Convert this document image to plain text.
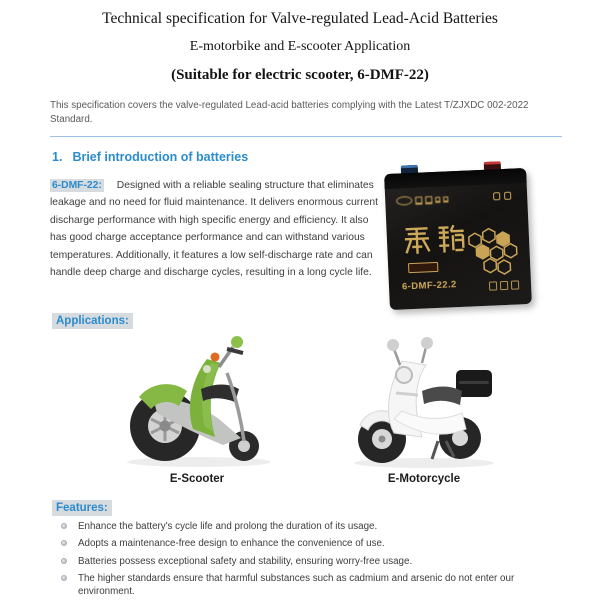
Technical specification for Valve-regulated Lead-Acid Batteries
E-motorbike and E-scooter Application
(Suitable for electric scooter, 6-DMF-22)
This specification covers the valve-regulated Lead-acid batteries complying with the Latest T/ZJXDC 002-2022 Standard.
1. Brief introduction of batteries
6-DMF-22: Designed with a reliable sealing structure that eliminates leakage and no need for fluid maintenance. It delivers enormous current discharge performance with high specific energy and efficiency. It also has good charge acceptance performance and can withstand various temperatures. Additionally, it features a low self-discharge rate and can handle deep charge and discharge cycles, resulting in a long cycle life.
6-DMF-22.2
Applications:
E-Scooter	E-Motorcycle
Features:
Enhance the battery's cycle life and prolong the duration of its usage.
Adopts a maintenance-free design to enhance the convenience of use.
Batteries possess exceptional safety and stability, ensuring worry-free usage.
The higher standards ensure that harmful substances such as cadmium and arsenic do not enter our environment.
